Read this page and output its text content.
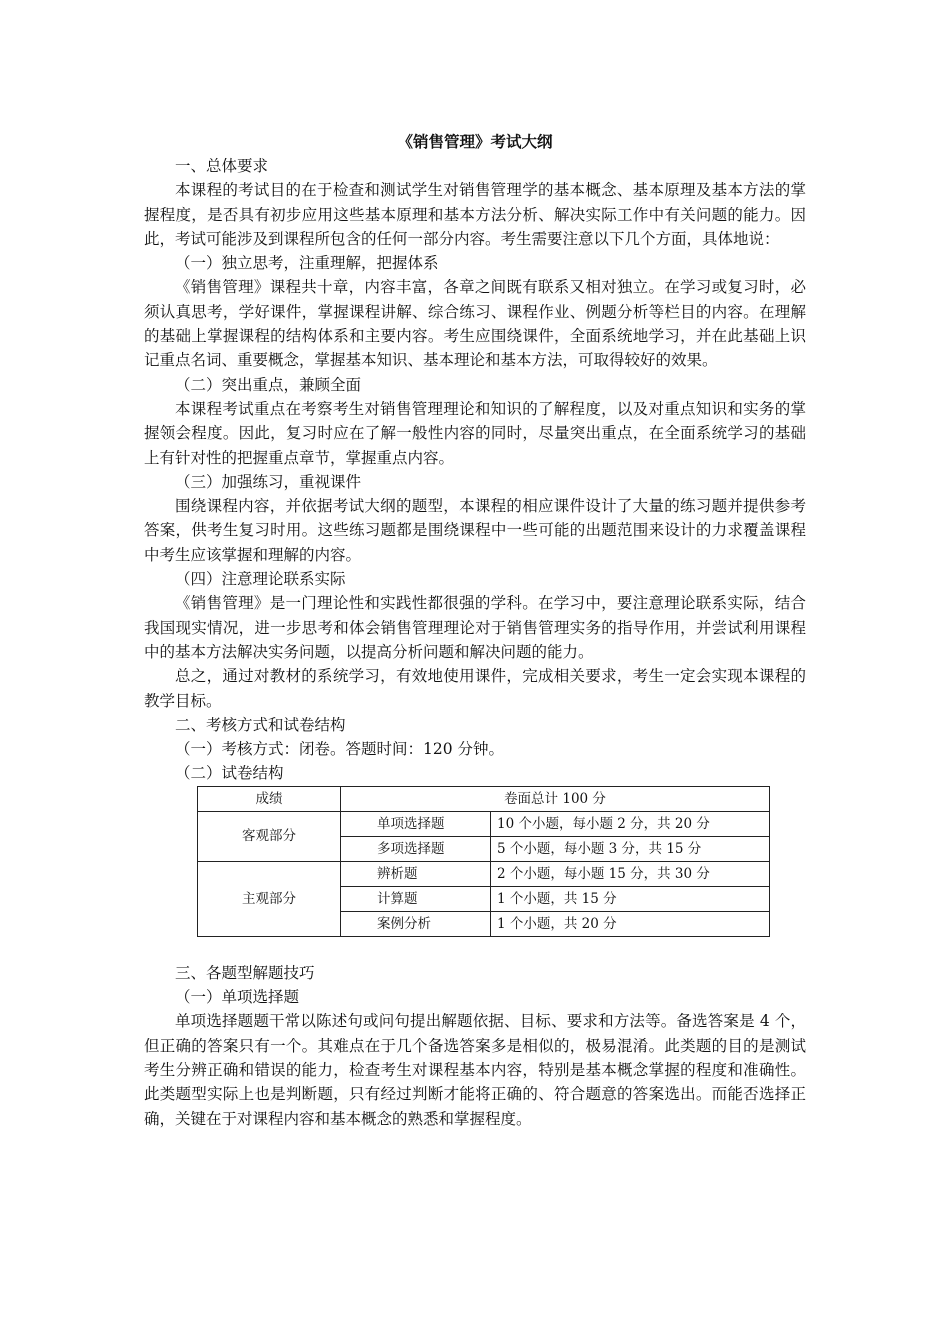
《销售管理》考试大纲

一、总体要求

本课程的考试目的在于检查和测试学生对销售管理学的基本概念、基本原理及基本方法的掌握程度，是否具有初步应用这些基本原理和基本方法分析、解决实际工作中有关问题的能力。因此，考试可能涉及到课程所包含的任何一部分内容。考生需要注意以下几个方面，具体地说：

（一）独立思考，注重理解，把握体系

《销售管理》课程共十章，内容丰富，各章之间既有联系又相对独立。在学习或复习时，必须认真思考，学好课件，掌握课程讲解、综合练习、课程作业、例题分析等栏目的内容。在理解的基础上掌握课程的结构体系和主要内容。考生应围绕课件，全面系统地学习，并在此基础上识记重点名词、重要概念，掌握基本知识、基本理论和基本方法，可取得较好的效果。

（二）突出重点，兼顾全面

本课程考试重点在考察考生对销售管理理论和知识的了解程度，以及对重点知识和实务的掌握领会程度。因此，复习时应在了解一般性内容的同时，尽量突出重点，在全面系统学习的基础上有针对性的把握重点章节，掌握重点内容。

（三）加强练习，重视课件

围绕课程内容，并依据考试大纲的题型，本课程的相应课件设计了大量的练习题并提供参考答案，供考生复习时用。这些练习题都是围绕课程中一些可能的出题范围来设计的力求覆盖课程中考生应该掌握和理解的内容。

（四）注意理论联系实际

《销售管理》是一门理论性和实践性都很强的学科。在学习中，要注意理论联系实际，结合我国现实情况，进一步思考和体会销售管理理论对于销售管理实务的指导作用，并尝试利用课程中的基本方法解决实务问题，以提高分析问题和解决问题的能力。

总之，通过对教材的系统学习，有效地使用课件，完成相关要求，考生一定会实现本课程的教学目标。

二、考核方式和试卷结构

（一）考核方式：闭卷。答题时间：120 分钟。

（二）试卷结构

成绩	卷面总计 100 分	
客观部分	单项选择题	10 个小题，每小题 2 分，共 20 分
	多项选择题	5 个小题，每小题 3 分，共 15 分
主观部分	辨析题	2 个小题，每小题 15 分，共 30 分
	计算题	1 个小题，共 15 分
	案例分析	1 个小题，共 20 分

三、各题型解题技巧

（一）单项选择题

单项选择题题干常以陈述句或问句提出解题依据、目标、要求和方法等。备选答案是 4 个，但正确的答案只有一个。其难点在于几个备选答案多是相似的，极易混淆。此类题的目的是测试考生分辨正确和错误的能力，检查考生对课程基本内容，特别是基本概念掌握的程度和准确性。此类题型实际上也是判断题，只有经过判断才能将正确的、符合题意的答案选出。而能否选择正确，关键在于对课程内容和基本概念的熟悉和掌握程度。
